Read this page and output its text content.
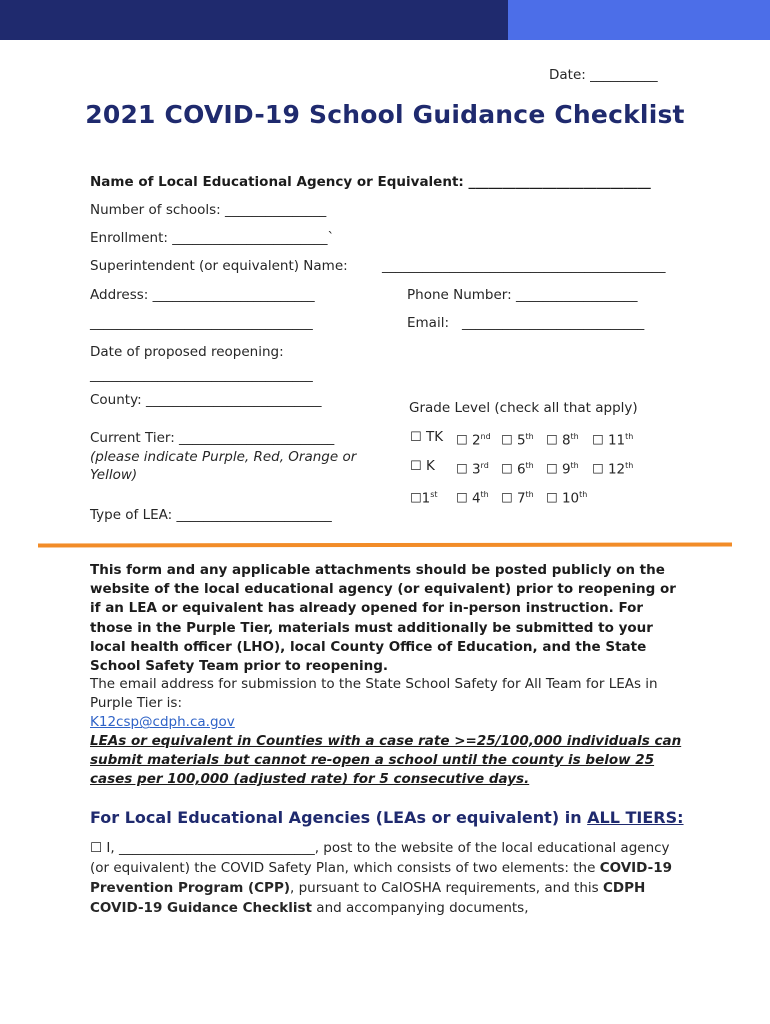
Date: __________
2021 COVID-19 School Guidance Checklist
Name of Local Educational Agency or Equivalent: ___________________________
Number of schools: _______________
Enrollment: _______________________`
Superintendent (or equivalent) Name:	__________________________________________
Address: ________________________	Phone Number: __________________
_________________________________	Email: ___________________________
Date of proposed reopening:
_________________________________
County: __________________________
Current Tier: _______________________
(please indicate Purple, Red, Orange or Yellow)
Type of LEA: _______________________
Grade Level (check all that apply)
☐ TK ☐ 2nd ☐ 5th ☐ 8th ☐ 11th
☐ K ☐ 3rd ☐ 6th ☐ 9th ☐ 12th
☐1st ☐ 4th ☐ 7th ☐ 10th
This form and any applicable attachments should be posted publicly on the website of the local educational agency (or equivalent) prior to reopening or if an LEA or equivalent has already opened for in-person instruction. For those in the Purple Tier, materials must additionally be submitted to your local health officer (LHO), local County Office of Education, and the State School Safety Team prior to reopening.
The email address for submission to the State School Safety for All Team for LEAs in Purple Tier is:
K12csp@cdph.ca.gov
LEAs or equivalent in Counties with a case rate >=25/100,000 individuals can submit materials but cannot re-open a school until the county is below 25 cases per 100,000 (adjusted rate) for 5 consecutive days.
For Local Educational Agencies (LEAs or equivalent) in ALL TIERS:
☐ I, _____________________________, post to the website of the local educational agency (or equivalent) the COVID Safety Plan, which consists of two elements: the COVID-19 Prevention Program (CPP), pursuant to CalOSHA requirements, and this CDPH COVID-19 Guidance Checklist and accompanying documents,
